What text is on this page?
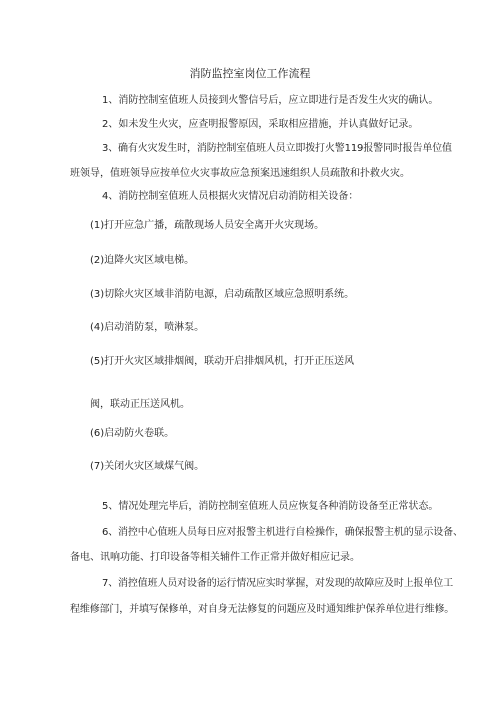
消防监控室岗位工作流程
1、消防控制室值班人员接到火警信号后，应立即进行是否发生火灾的确认。
2、如未发生火灾，应查明报警原因，采取相应措施，并认真做好记录。
3、确有火灾发生时，消防控制室值班人员立即拨打火警119报警同时报告单位值
班领导，值班领导应按单位火灾事故应急预案迅速组织人员疏散和扑救火灾。
4、消防控制室值班人员根据火灾情况启动消防相关设备：
(1)打开应急广播，疏散现场人员安全离开火灾现场。
(2)迫降火灾区域电梯。
(3)切除火灾区域非消防电源，启动疏散区域应急照明系统。
(4)启动消防泵，喷淋泵。
(5)打开火灾区域排烟阀，联动开启排烟风机，打开正压送风
阀，联动正压送风机。
(6)启动防火卷联。
(7)关闭火灾区域煤气阀。
5、情况处理完毕后，消防控制室值班人员应恢复各种消防设备至正常状态。
6、消控中心值班人员每日应对报警主机进行自检操作，确保报警主机的显示设备、
备电、讯响功能、打印设备等相关辅件工作正常并做好相应记录。
7、消控值班人员对设备的运行情况应实时掌握，对发现的故障应及时上报单位工
程维修部门，并填写保修单，对自身无法修复的问题应及时通知维护保养单位进行维修。
